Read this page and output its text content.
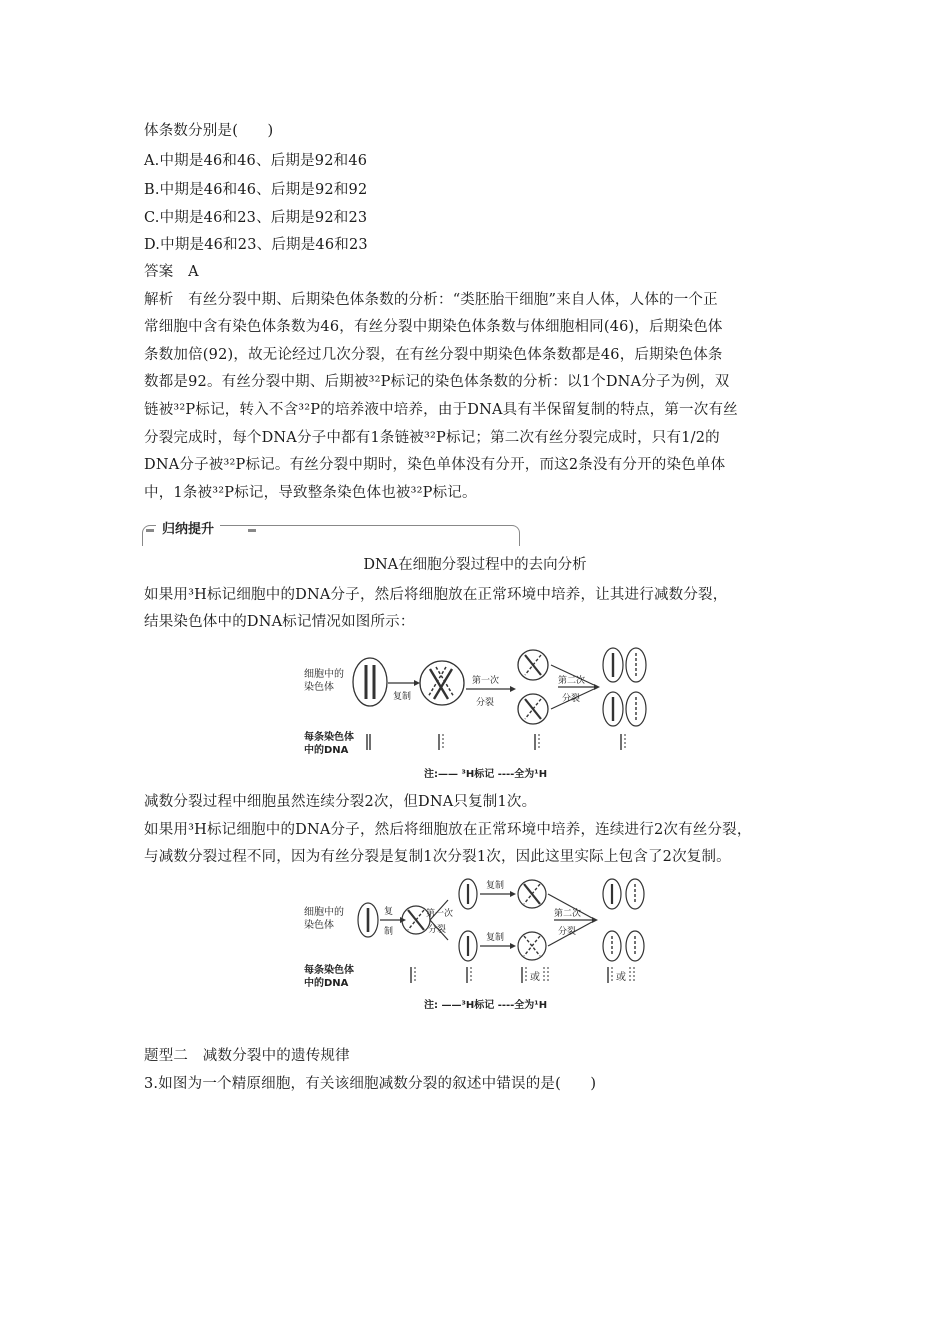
体条数分别是(　　)
A.中期是46和46、后期是92和46
B.中期是46和46、后期是92和92
C.中期是46和23、后期是92和23
D.中期是46和23、后期是46和23
答案　A
解析　有丝分裂中期、后期染色体条数的分析：“类胚胎干细胞”来自人体，人体的一个正
常细胞中含有染色体条数为46，有丝分裂中期染色体条数与体细胞相同(46)，后期染色体
条数加倍(92)，故无论经过几次分裂，在有丝分裂中期染色体条数都是46，后期染色体条
数都是92。有丝分裂中期、后期被³²P标记的染色体条数的分析：以1个DNA分子为例，双
链被³²P标记，转入不含³²P的培养液中培养，由于DNA具有半保留复制的特点，第一次有丝
分裂完成时，每个DNA分子中都有1条链被³²P标记；第二次有丝分裂完成时，只有1/2的
DNA分子被³²P标记。有丝分裂中期时，染色单体没有分开，而这2条没有分开的染色单体
中，1条被³²P标记，导致整条染色体也被³²P标记。
归纳提升
DNA在细胞分裂过程中的去向分析
如果用³H标记细胞中的DNA分子，然后将细胞放在正常环境中培养，让其进行减数分裂，
结果染色体中的DNA标记情况如图所示：
细胞中的
染色体
每条染色体
中的DNA
复制
第一次
分裂
第二次
分裂
注:—— ³H标记 ----全为¹H
减数分裂过程中细胞虽然连续分裂2次，但DNA只复制1次。
如果用³H标记细胞中的DNA分子，然后将细胞放在正常环境中培养，连续进行2次有丝分裂，
与减数分裂过程不同，因为有丝分裂是复制1次分裂1次，因此这里实际上包含了2次复制。
细胞中的
染色体
每条染色体
中的DNA
复
制
第一次
分裂
复制
复制
第二次
分裂
或	或
注: ——³H标记 ----全为¹H
题型二　减数分裂中的遗传规律
3.如图为一个精原细胞，有关该细胞减数分裂的叙述中错误的是(　　)
